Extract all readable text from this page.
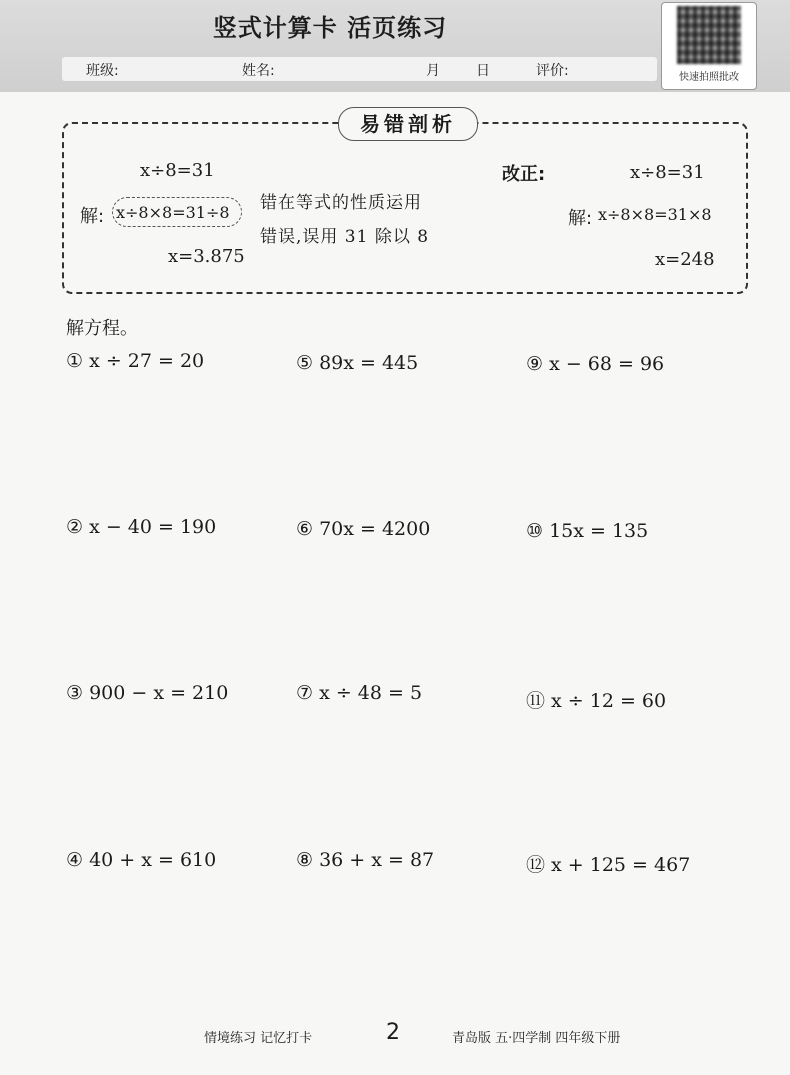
竖式计算卡 活页练习
班级:	姓名:	月	日	评价:	快速拍照批改
易错剖析
x÷8=31
解: x÷8×8=31÷8
x=3.875
错在等式的性质运用
错误,误用 31 除以 8
改正:	x÷8=31
解: x÷8×8=31×8
x=248
解方程。
① x ÷ 27 = 20
② x − 40 = 190
③ 900 − x = 210
④ 40 + x = 610
⑤ 89x = 445
⑥ 70x = 4200
⑦ x ÷ 48 = 5
⑧ 36 + x = 87
⑨ x − 68 = 96
⑩ 15x = 135
⑪ x ÷ 12 = 60
⑫ x + 125 = 467
情境练习 记忆打卡	2	青岛版 五·四学制 四年级下册
